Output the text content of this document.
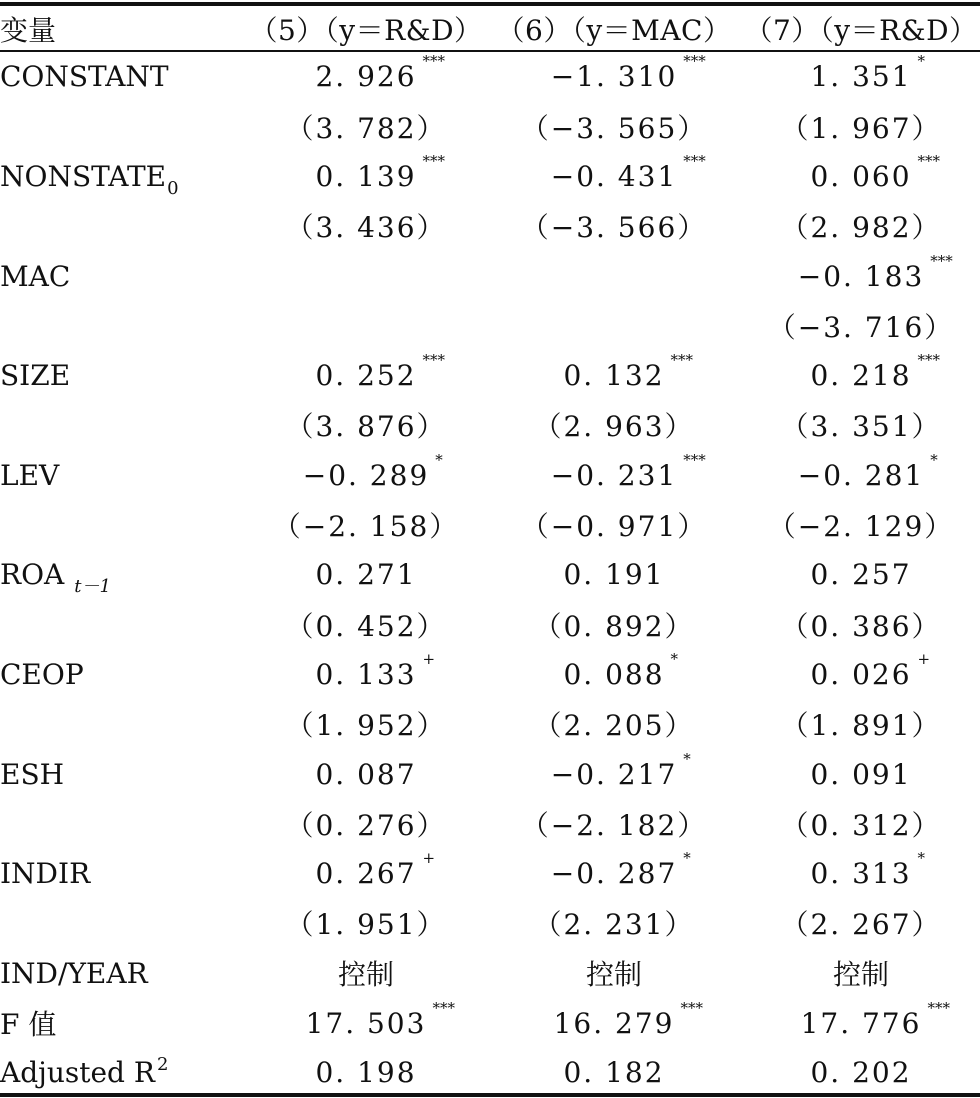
变量	（5）（y＝R&D）	（6）（y＝MAC）	（7）（y＝R&D）
CONSTANT	2. 926 ***	−1. 310 ***	1. 351 *

	（3. 782）	（−3. 565）	（1. 967）
$NONSTATE_0$	0. 139 ***	−0. 431 ***	0. 060 ***

	（3. 436）	（−3. 566）	（2. 982）
MAC			−0. 183 ***

			（−3. 716）
SIZE	0. 252 ***	0. 132 ***	0. 218 ***

	（3. 876）	（2. 963）	（3. 351）
LEV	−0. 289 *	−0. 231 ***	−0. 281 *

	（−2. 158）	（−0. 971）	（−2. 129）
ROA $_{t-1}$	0. 271	0. 191	0. 257
	（0. 452）	（0. 892）	（0. 386）
CEOP	0. 133 +	0. 088 *	0. 026 +

	（1. 952）	（2. 205）	（1. 891）
ESH	0. 087	−0. 217 *	0. 091
	（0. 276）	（−2. 182）	（0. 312）
INDIR	0. 267 +	−0. 287 *	0. 313 *

	（1. 951）	（2. 231）	（2. 267）
IND/YEAR	控制	控制	控制
F 值	17. 503 ***	16. 279 ***	17. 776 ***

Adjusted R $^2$	0. 198	0. 182	0. 202
